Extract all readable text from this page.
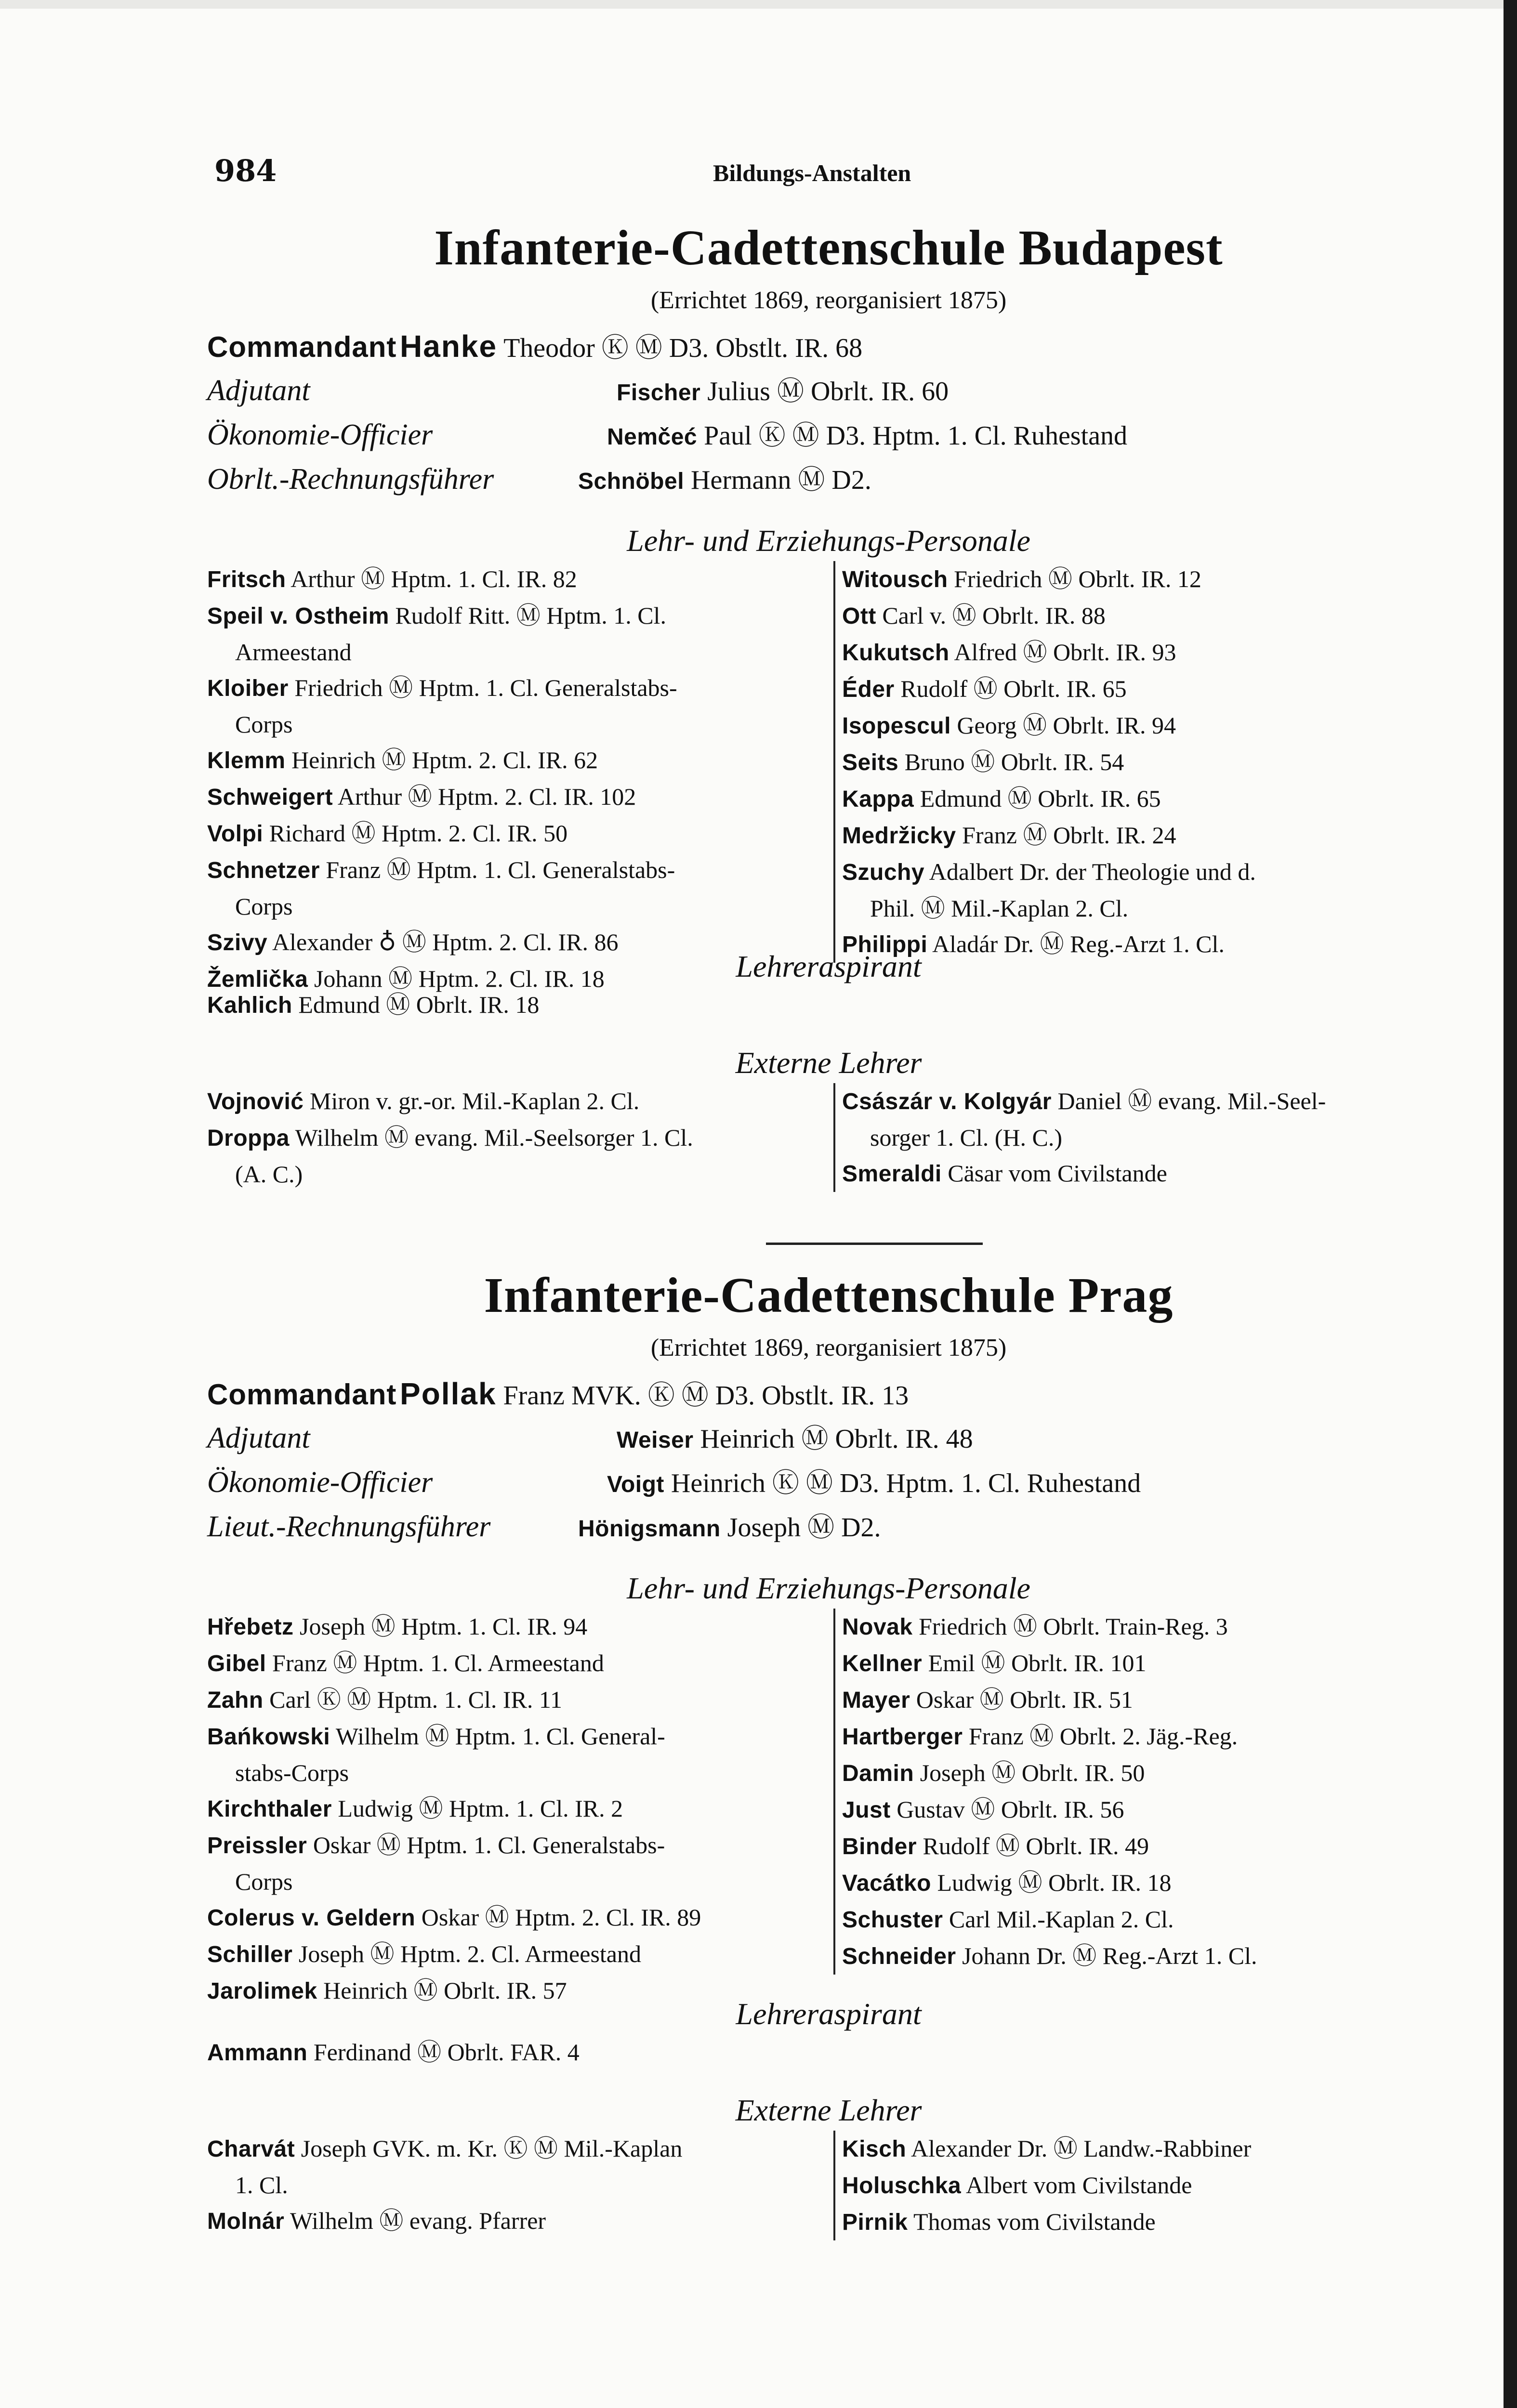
984	Bildungs-Anstalten
Infanterie-Cadettenschule Budapest
(Errichtet 1869, reorganisiert 1875)
Commandant Hanke Theodor Ⓚ Ⓜ D3. Obstlt. IR. 68
Adjutant	Fischer Julius Ⓜ Obrlt. IR. 60
Ökonomie-Officier	Nemčeć Paul Ⓚ Ⓜ D3. Hptm. 1. Cl. Ruhestand
Obrlt.-Rechnungsführer	Schnöbel Hermann Ⓜ D2.
Lehr- und Erziehungs-Personale
Fritsch Arthur Ⓜ Hptm. 1. Cl. IR. 82
Speil v. Ostheim Rudolf Ritt. Ⓜ Hptm. 1. Cl.
Armeestand
Kloiber Friedrich Ⓜ Hptm. 1. Cl. Generalstabs-
Corps
Klemm Heinrich Ⓜ Hptm. 2. Cl. IR. 62
Schweigert Arthur Ⓜ Hptm. 2. Cl. IR. 102
Volpi Richard Ⓜ Hptm. 2. Cl. IR. 50
Schnetzer Franz Ⓜ Hptm. 1. Cl. Generalstabs-
Corps
Szivy Alexander ♁ Ⓜ Hptm. 2. Cl. IR. 86
Žemlička Johann Ⓜ Hptm. 2. Cl. IR. 18
Witousch Friedrich Ⓜ Obrlt. IR. 12
Ott Carl v. Ⓜ Obrlt. IR. 88
Kukutsch Alfred Ⓜ Obrlt. IR. 93
Éder Rudolf Ⓜ Obrlt. IR. 65
Isopescul Georg Ⓜ Obrlt. IR. 94
Seits Bruno Ⓜ Obrlt. IR. 54
Kappa Edmund Ⓜ Obrlt. IR. 65
Medržicky Franz Ⓜ Obrlt. IR. 24
Szuchy Adalbert Dr. der Theologie und d.
Phil. Ⓜ Mil.-Kaplan 2. Cl.
Philippi Aladár Dr. Ⓜ Reg.-Arzt 1. Cl.
Lehreraspirant
Kahlich Edmund Ⓜ Obrlt. IR. 18
Externe Lehrer
Vojnović Miron v. gr.-or. Mil.-Kaplan 2. Cl.
Droppa Wilhelm Ⓜ evang. Mil.-Seelsorger 1. Cl.
(A. C.)
Császár v. Kolgyár Daniel Ⓜ evang. Mil.-Seel-
sorger 1. Cl. (H. C.)
Smeraldi Cäsar vom Civilstande
Infanterie-Cadettenschule Prag
(Errichtet 1869, reorganisiert 1875)
Commandant Pollak Franz MVK. Ⓚ Ⓜ D3. Obstlt. IR. 13
Adjutant	Weiser Heinrich Ⓜ Obrlt. IR. 48
Ökonomie-Officier	Voigt Heinrich Ⓚ Ⓜ D3. Hptm. 1. Cl. Ruhestand
Lieut.-Rechnungsführer	Hönigsmann Joseph Ⓜ D2.
Lehr- und Erziehungs-Personale
Hřebetz Joseph Ⓜ Hptm. 1. Cl. IR. 94
Gibel Franz Ⓜ Hptm. 1. Cl. Armeestand
Zahn Carl Ⓚ Ⓜ Hptm. 1. Cl. IR. 11
Bańkowski Wilhelm Ⓜ Hptm. 1. Cl. General-
stabs-Corps
Kirchthaler Ludwig Ⓜ Hptm. 1. Cl. IR. 2
Preissler Oskar Ⓜ Hptm. 1. Cl. Generalstabs-
Corps
Colerus v. Geldern Oskar Ⓜ Hptm. 2. Cl. IR. 89
Schiller Joseph Ⓜ Hptm. 2. Cl. Armeestand
Jarolimek Heinrich Ⓜ Obrlt. IR. 57
Novak Friedrich Ⓜ Obrlt. Train-Reg. 3
Kellner Emil Ⓜ Obrlt. IR. 101
Mayer Oskar Ⓜ Obrlt. IR. 51
Hartberger Franz Ⓜ Obrlt. 2. Jäg.-Reg.
Damin Joseph Ⓜ Obrlt. IR. 50
Just Gustav Ⓜ Obrlt. IR. 56
Binder Rudolf Ⓜ Obrlt. IR. 49
Vacátko Ludwig Ⓜ Obrlt. IR. 18
Schuster Carl Mil.-Kaplan 2. Cl.
Schneider Johann Dr. Ⓜ Reg.-Arzt 1. Cl.
Lehreraspirant
Ammann Ferdinand Ⓜ Obrlt. FAR. 4
Externe Lehrer
Charvát Joseph GVK. m. Kr. Ⓚ Ⓜ Mil.-Kaplan
1. Cl.
Molnár Wilhelm Ⓜ evang. Pfarrer
Kisch Alexander Dr. Ⓜ Landw.-Rabbiner
Holuschka Albert vom Civilstande
Pirnik Thomas vom Civilstande
